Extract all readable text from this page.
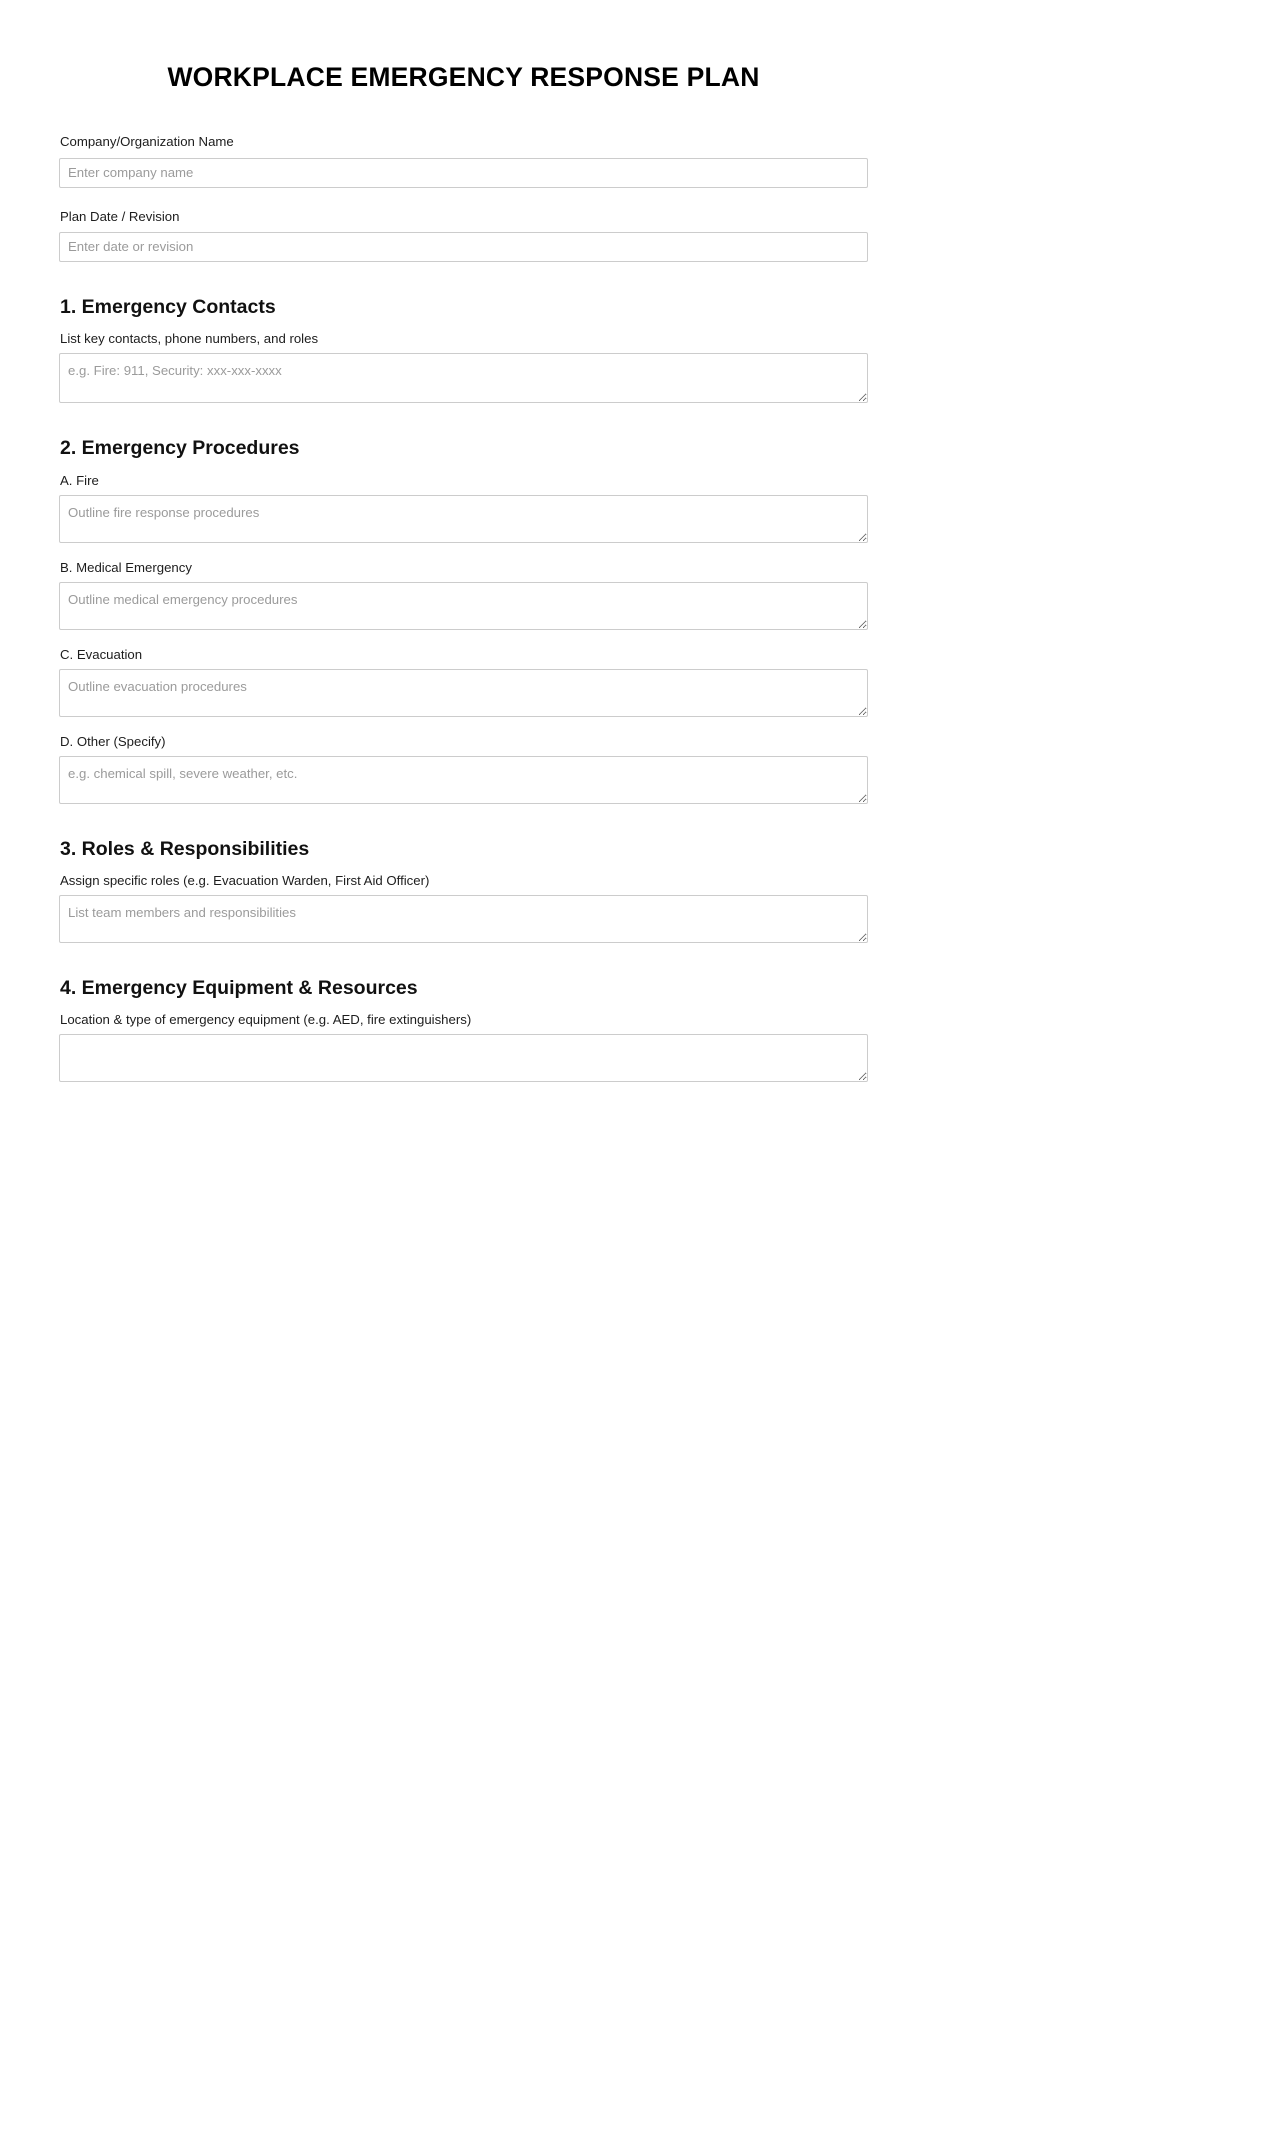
WORKPLACE EMERGENCY RESPONSE PLAN
Company/Organization Name
Enter company name
Plan Date / Revision
Enter date or revision
1. Emergency Contacts
List key contacts, phone numbers, and roles
e.g. Fire: 911, Security: xxx-xxx-xxxx
2. Emergency Procedures
A. Fire
Outline fire response procedures
B. Medical Emergency
Outline medical emergency procedures
C. Evacuation
Outline evacuation procedures
D. Other (Specify)
e.g. chemical spill, severe weather, etc.
3. Roles & Responsibilities
Assign specific roles (e.g. Evacuation Warden, First Aid Officer)
List team members and responsibilities
4. Emergency Equipment & Resources
Location & type of emergency equipment (e.g. AED, fire extinguishers)
